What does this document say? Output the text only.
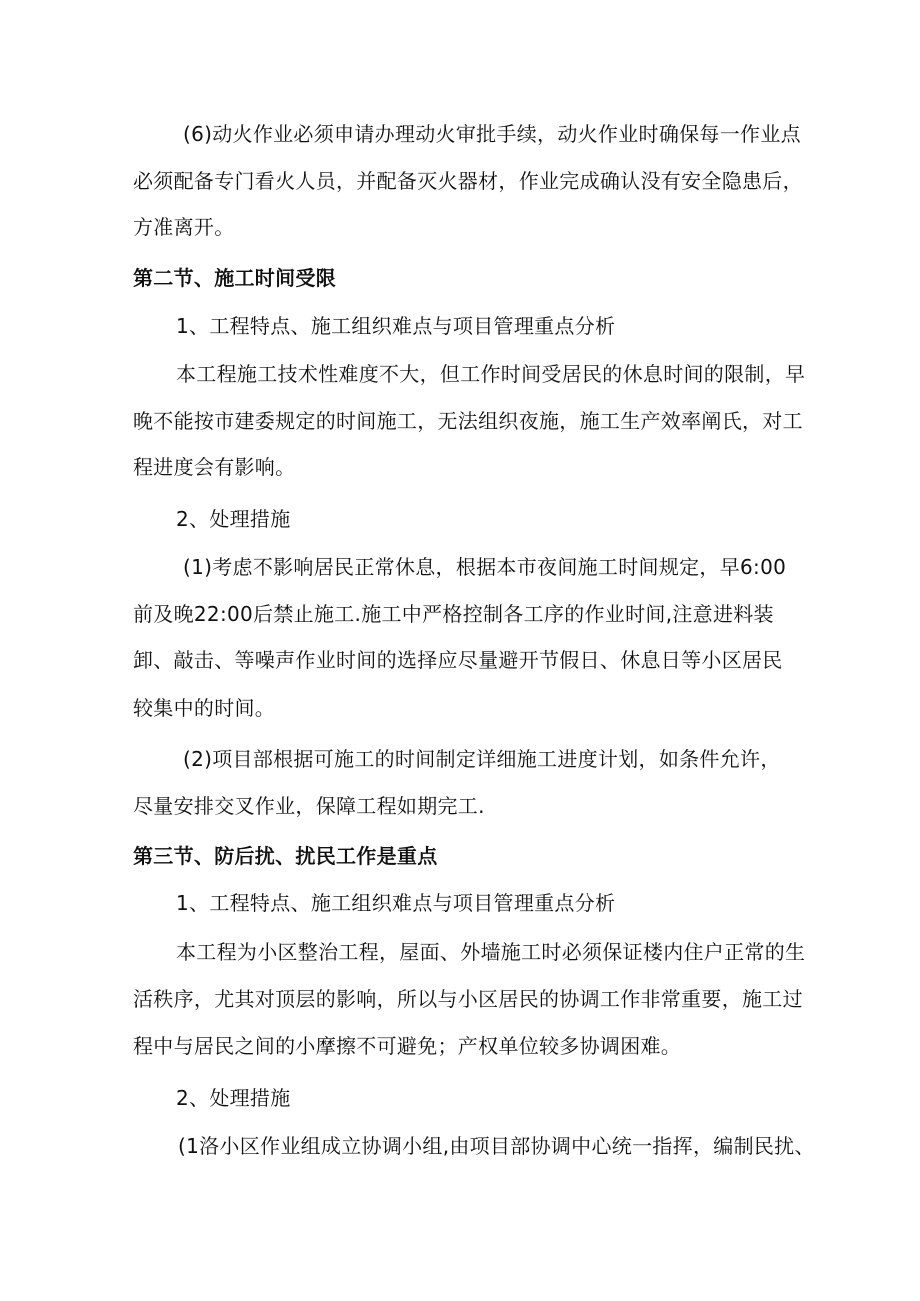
(6)动火作业必须申请办理动火审批手续，动火作业时确保每一作业点
必须配备专门看火人员，并配备灭火器材，作业完成确认没有安全隐患后，
方准离开。
第二节、施工时间受限
1、工程特点、施工组织难点与项目管理重点分析
本工程施工技术性难度不大，但工作时间受居民的休息时间的限制，早
晚不能按市建委规定的时间施工，无法组织夜施，施工生产效率阐氏，对工
程进度会有影响。
2、处理措施
(1)考虑不影响居民正常休息，根据本市夜间施工时间规定，早6:00
前及晚22:00后禁止施工.施工中严格控制各工序的作业时间,注意进料装
卸、敲击、等噪声作业时间的选择应尽量避开节假日、休息日等小区居民
较集中的时间。
(2)项目部根据可施工的时间制定详细施工进度计划，如条件允许，
尽量安排交叉作业，保障工程如期完工.
第三节、防后扰、扰民工作是重点
1、工程特点、施工组织难点与项目管理重点分析
本工程为小区整治工程，屋面、外墙施工时必须保证楼内住户正常的生
活秩序，尤其对顶层的影响，所以与小区居民的协调工作非常重要，施工过
程中与居民之间的小摩擦不可避免；产权单位较多协调困难。
2、处理措施
(1洛小区作业组成立协调小组,由项目部协调中心统一指挥，编制民扰、
